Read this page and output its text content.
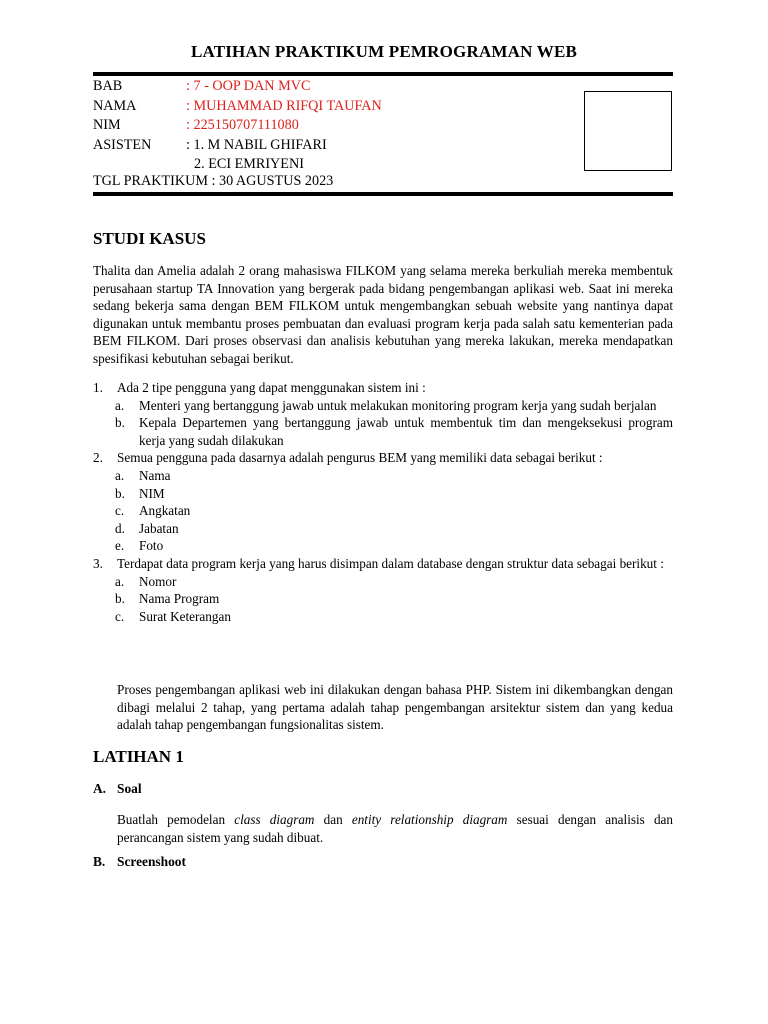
LATIHAN PRAKTIKUM PEMROGRAMAN WEB
BAB	: 7 - OOP DAN MVC
NAMA	: MUHAMMAD RIFQI TAUFAN
NIM	: 225150707111080
ASISTEN	: 1. M NABIL GHIFARI
2. ECI EMRIYENI
TGL PRAKTIKUM : 30 AGUSTUS 2023
STUDI KASUS
Thalita dan Amelia adalah 2 orang mahasiswa FILKOM yang selama mereka berkuliah mereka membentuk perusahaan startup TA Innovation yang bergerak pada bidang pengembangan aplikasi web. Saat ini mereka sedang bekerja sama dengan BEM FILKOM untuk mengembangkan sebuah website yang nantinya dapat digunakan untuk membantu proses pembuatan dan evaluasi program kerja pada salah satu kementerian pada BEM FILKOM. Dari proses observasi dan analisis kebutuhan yang mereka lakukan, mereka mendapatkan spesifikasi kebutuhan sebagai berikut.
1. Ada 2 tipe pengguna yang dapat menggunakan sistem ini :
a. Menteri yang bertanggung jawab untuk melakukan monitoring program kerja yang sudah berjalan
b. Kepala Departemen yang bertanggung jawab untuk membentuk tim dan mengeksekusi program kerja yang sudah dilakukan
2. Semua pengguna pada dasarnya adalah pengurus BEM yang memiliki data sebagai berikut :
a. Nama
b. NIM
c. Angkatan
d. Jabatan
e. Foto
3. Terdapat data program kerja yang harus disimpan dalam database dengan struktur data sebagai berikut :
a. Nomor
b. Nama Program
c. Surat Keterangan
Proses pengembangan aplikasi web ini dilakukan dengan bahasa PHP. Sistem ini dikembangkan dengan dibagi melalui 2 tahap, yang pertama adalah tahap pengembangan arsitektur sistem dan yang kedua adalah tahap pengembangan fungsionalitas sistem.
LATIHAN 1
A. Soal
Buatlah pemodelan class diagram dan entity relationship diagram sesuai dengan analisis dan perancangan sistem yang sudah dibuat.
B. Screenshoot
